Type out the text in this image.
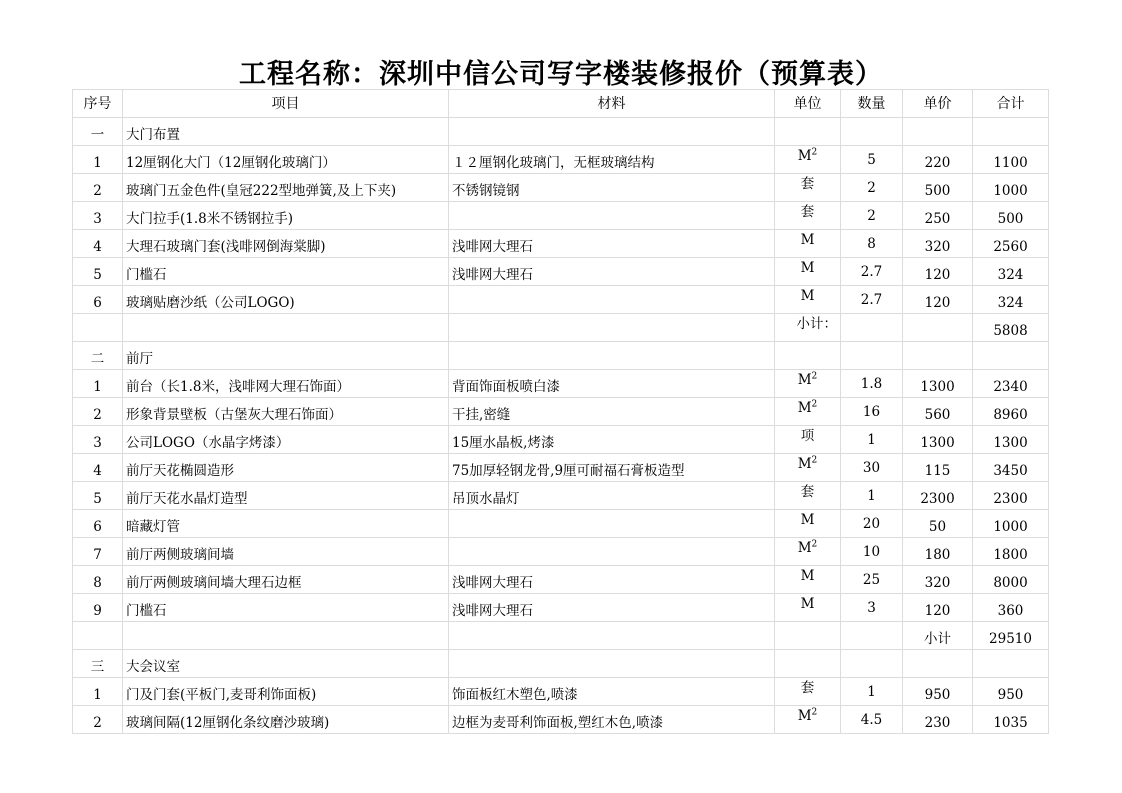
工程名称：深圳中信公司写字楼装修报价（预算表）
序号	项目	材料	单位	数量	单价	合计
一	大门布置					
1	12厘钢化大门（12厘钢化玻璃门）	１２厘钢化玻璃门，无框玻璃结构	$M^2$	5	220	1100
2	玻璃门五金色件(皇冠222型地弹簧,及上下夹)	不锈钢镜钢	套	2	500	1000
3	大门拉手(1.8米不锈钢拉手)		套	2	250	500
4	大理石玻璃门套(浅啡网倒海棠脚)	浅啡网大理石	M	8	320	2560
5	门槛石	浅啡网大理石	M	2.7	120	324
6	玻璃贴磨沙纸（公司LOGO)		M	2.7	120	324
			小计：			5808
二	前厅					
1	前台（长1.8米，浅啡网大理石饰面）	背面饰面板喷白漆	$M^2$	1.8	1300	2340
2	形象背景壁板（古堡灰大理石饰面）	干挂,密缝	$M^2$	16	560	8960
3	公司LOGO（水晶字烤漆）	15厘水晶板,烤漆	项	1	1300	1300
4	前厅天花椭圆造形	75加厚轻钢龙骨,9厘可耐福石膏板造型	$M^2$	30	115	3450
5	前厅天花水晶灯造型	吊顶水晶灯	套	1	2300	2300
6	暗藏灯管		M	20	50	1000
7	前厅两侧玻璃间墙		$M^2$	10	180	1800
8	前厅两侧玻璃间墙大理石边框	浅啡网大理石	M	25	320	8000
9	门槛石	浅啡网大理石	M	3	120	360
					小计	29510
三	大会议室					
1	门及门套(平板门,麦哥利饰面板)	饰面板红木塑色,喷漆	套	1	950	950
2	玻璃间隔(12厘钢化条纹磨沙玻璃)	边框为麦哥利饰面板,塑红木色,喷漆	$M^2$	4.5	230	1035
